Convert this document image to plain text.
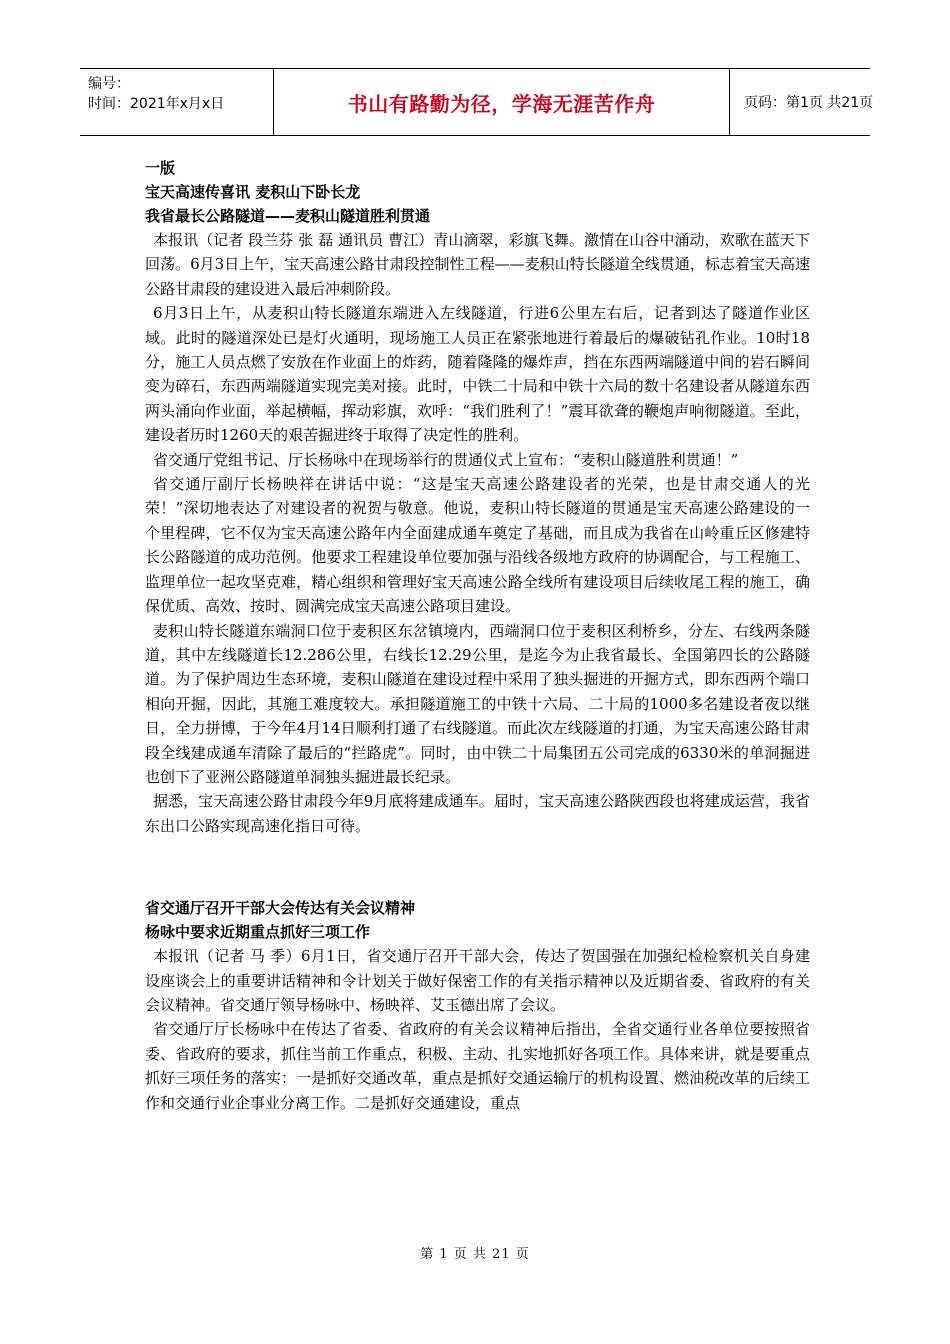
编号：
时间：2021年x月x日	书山有路勤为径，学海无涯苦作舟	页码：第1页 共21页

一版

宝天高速传喜讯 麦积山下卧长龙

我省最长公路隧道——麦积山隧道胜利贯通

本报讯（记者 段兰芬 张 磊 通讯员 曹江）青山滴翠，彩旗飞舞。激情在山谷中涌动，欢歌在蓝天下回荡。6月3日上午，宝天高速公路甘肃段控制性工程——麦积山特长隧道全线贯通，标志着宝天高速公路甘肃段的建设进入最后冲刺阶段。

6月3日上午，从麦积山特长隧道东端进入左线隧道，行进6公里左右后，记者到达了隧道作业区域。此时的隧道深处已是灯火通明，现场施工人员正在紧张地进行着最后的爆破钻孔作业。10时18分，施工人员点燃了安放在作业面上的炸药，随着隆隆的爆炸声，挡在东西两端隧道中间的岩石瞬间变为碎石，东西两端隧道实现完美对接。此时，中铁二十局和中铁十六局的数十名建设者从隧道东西两头涌向作业面，举起横幅，挥动彩旗，欢呼：“我们胜利了！”震耳欲聋的鞭炮声响彻隧道。至此，建设者历时1260天的艰苦掘进终于取得了决定性的胜利。

省交通厅党组书记、厅长杨咏中在现场举行的贯通仪式上宣布：“麦积山隧道胜利贯通！”

省交通厅副厅长杨映祥在讲话中说：“这是宝天高速公路建设者的光荣，也是甘肃交通人的光荣！”深切地表达了对建设者的祝贺与敬意。他说，麦积山特长隧道的贯通是宝天高速公路建设的一个里程碑，它不仅为宝天高速公路年内全面建成通车奠定了基础，而且成为我省在山岭重丘区修建特长公路隧道的成功范例。他要求工程建设单位要加强与沿线各级地方政府的协调配合，与工程施工、监理单位一起攻坚克难，精心组织和管理好宝天高速公路全线所有建设项目后续收尾工程的施工，确保优质、高效、按时、圆满完成宝天高速公路项目建设。

麦积山特长隧道东端洞口位于麦积区东岔镇境内，西端洞口位于麦积区利桥乡，分左、右线两条隧道，其中左线隧道长12.286公里，右线长12.29公里，是迄今为止我省最长、全国第四长的公路隧道。为了保护周边生态环境，麦积山隧道在建设过程中采用了独头掘进的开掘方式，即东西两个端口相向开掘，因此，其施工难度较大。承担隧道施工的中铁十六局、二十局的1000多名建设者夜以继日，全力拼博，于今年4月14日顺利打通了右线隧道。而此次左线隧道的打通，为宝天高速公路甘肃段全线建成通车清除了最后的“拦路虎”。同时，由中铁二十局集团五公司完成的6330米的单洞掘进也创下了亚洲公路隧道单洞独头掘进最长纪录。

据悉，宝天高速公路甘肃段今年9月底将建成通车。届时，宝天高速公路陕西段也将建成运营，我省东出口公路实现高速化指日可待。

省交通厅召开干部大会传达有关会议精神

杨咏中要求近期重点抓好三项工作

本报讯（记者 马 季）6月1日，省交通厅召开干部大会，传达了贺国强在加强纪检检察机关自身建设座谈会上的重要讲话精神和令计划关于做好保密工作的有关指示精神以及近期省委、省政府的有关会议精神。省交通厅领导杨咏中、杨映祥、艾玉德出席了会议。

省交通厅厅长杨咏中在传达了省委、省政府的有关会议精神后指出，全省交通行业各单位要按照省委、省政府的要求，抓住当前工作重点，积极、主动、扎实地抓好各项工作。具体来讲，就是要重点抓好三项任务的落实：一是抓好交通改革，重点是抓好交通运输厅的机构设置、燃油税改革的后续工作和交通行业企事业分离工作。二是抓好交通建设，重点

第 1 页 共 21 页
